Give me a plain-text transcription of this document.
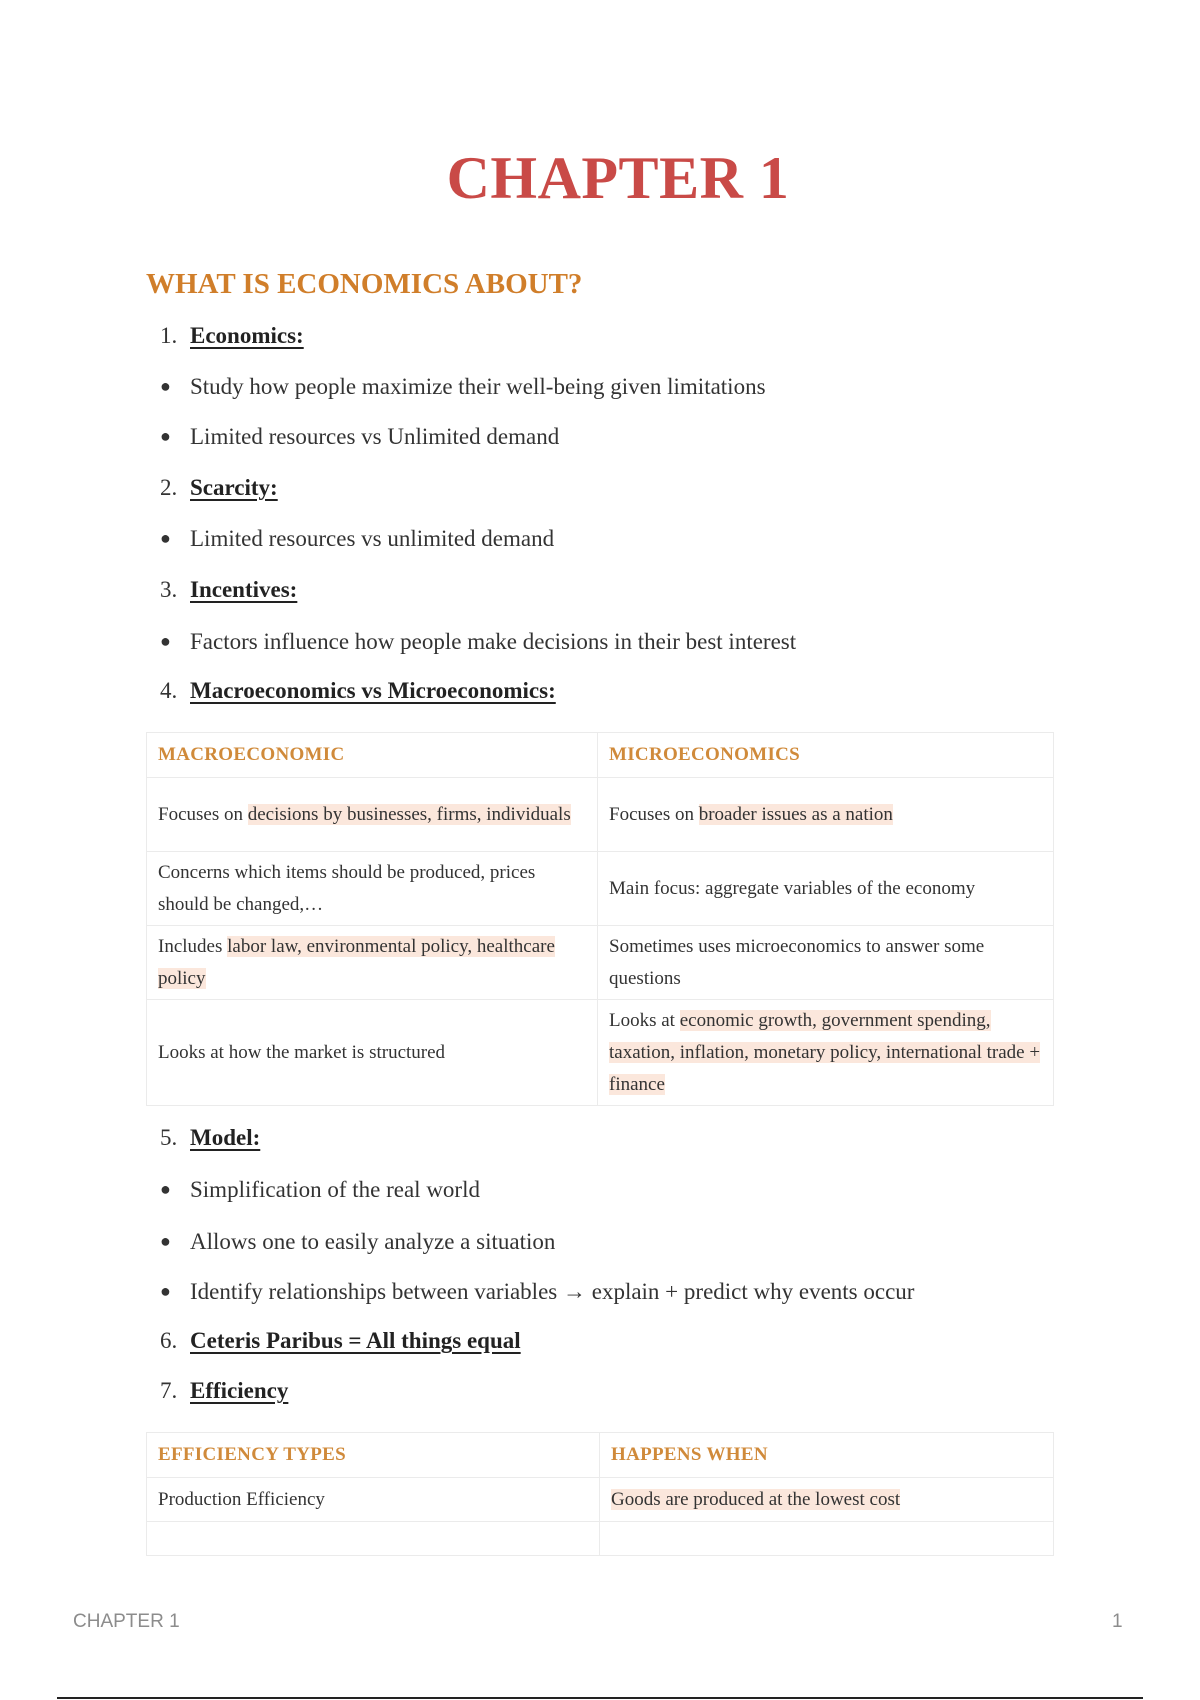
CHAPTER 1
WHAT IS ECONOMICS ABOUT?
1. Economics:
● Study how people maximize their well-being given limitations
● Limited resources vs Unlimited demand
2. Scarcity:
● Limited resources vs unlimited demand
3. Incentives:
● Factors influence how people make decisions in their best interest
4. Macroeconomics vs Microeconomics:
MACROECONOMIC	MICROECONOMICS
Focuses on decisions by businesses, firms, individuals	Focuses on broader issues as a nation
Concerns which items should be produced, prices should be changed,…	Main focus: aggregate variables of the economy
Includes labor law, environmental policy, healthcare policy	Sometimes uses microeconomics to answer some questions
Looks at how the market is structured	Looks at economic growth, government spending, taxation, inflation, monetary policy, international trade + finance
5. Model:
● Simplification of the real world
● Allows one to easily analyze a situation
● Identify relationships between variables → explain + predict why events occur
6. Ceteris Paribus = All things equal
7. Efficiency
EFFICIENCY TYPES	HAPPENS WHEN
Production Efficiency	Goods are produced at the lowest cost

CHAPTER 1	1
